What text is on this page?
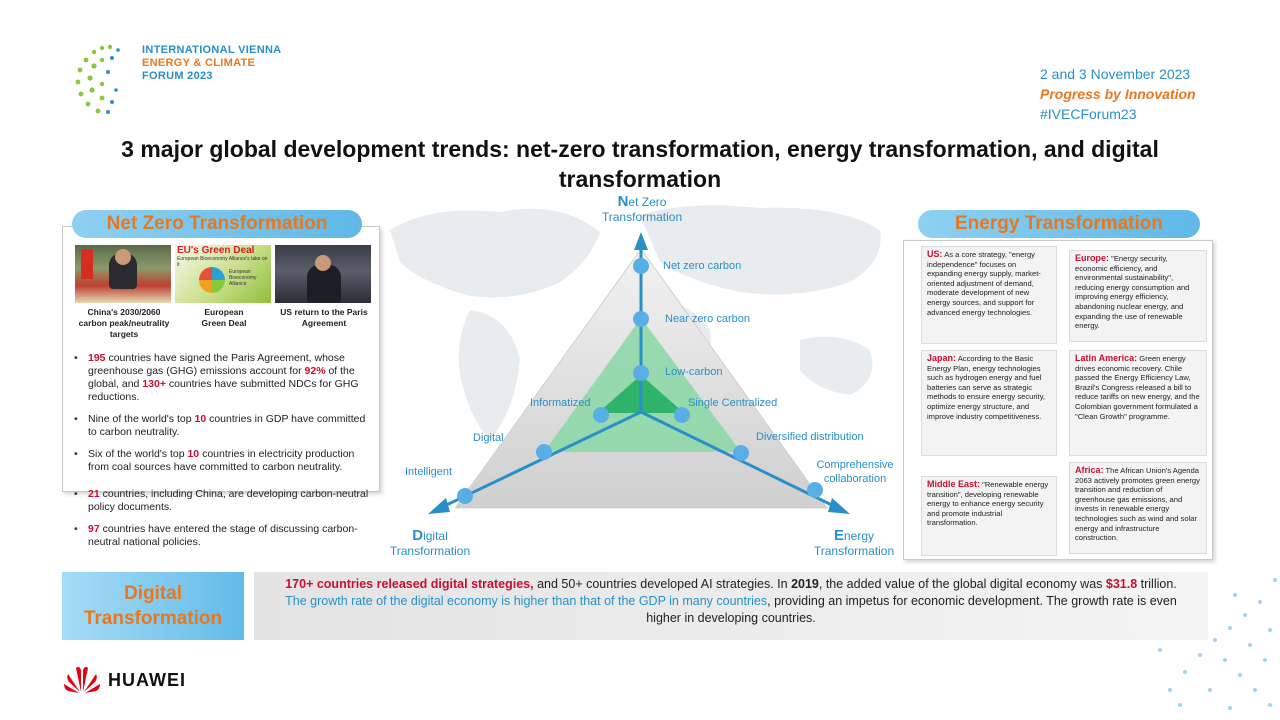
INTERNATIONAL VIENNA
ENERGY & CLIMATE
FORUM 2023	2 and 3 November 2023
Progress by Innovation
#IVECForum23
3 major global development trends: net-zero transformation, energy transformation, and digital transformation
Net Zero
Transformation
Digital
Transformation
Energy
Transformation
Net zero carbon
Near zero carbon
Low-carbon
Intelligent
Digital
Informatized
Comprehensive collaboration
Diversified distribution
Single Centralized
Net Zero Transformation
EU's Green Deal
European Bioeconomy Alliance's take on it
European Bioeconomy Alliance
China's 2030/2060 carbon peak/neutrality targets
European Green Deal
US return to the Paris Agreement
• 195 countries have signed the Paris Agreement, whose greenhouse gas (GHG) emissions account for 92% of the global, and 130+ countries have submitted NDCs for GHG reductions.
• Nine of the world's top 10 countries in GDP have committed to carbon neutrality.
• Six of the world's top 10 countries in electricity production from coal sources have committed to carbon neutrality.
• 21 countries, including China, are developing carbon-neutral policy documents.
• 97 countries have entered the stage of discussing carbon-neutral national policies.
Energy Transformation
US: As a core strategy, "energy independence" focuses on expanding energy supply, market-oriented adjustment of demand, moderate development of new energy sources, and support for advanced energy technologies.
Europe: "Energy security, economic efficiency, and environmental sustainability", reducing energy consumption and improving energy efficiency, abandoning nuclear energy, and expanding the use of renewable energy.
Japan: According to the Basic Energy Plan, energy technologies such as hydrogen energy and fuel batteries can serve as strategic methods to ensure energy security, optimize energy structure, and improve industry competitiveness.
Latin America: Green energy drives economic recovery. Chile passed the Energy Efficiency Law, Brazil's Congress released a bill to reduce tariffs on new energy, and the Colombian government formulated a "Clean Growth" programme.
Middle East: "Renewable energy transition", developing renewable energy to enhance energy security and promote industrial transformation.
Africa: The African Union's Agenda 2063 actively promotes green energy transition and reduction of greenhouse gas emissions, and invests in renewable energy technologies such as wind and solar energy and infrastructure construction.
Digital
Transformation
170+ countries released digital strategies, and 50+ countries developed AI strategies. In 2019, the added value of the global digital economy was $31.8 trillion.
The growth rate of the digital economy is higher than that of the GDP in many countries, providing an impetus for economic development. The growth rate is even higher in developing countries.
HUAWEI
